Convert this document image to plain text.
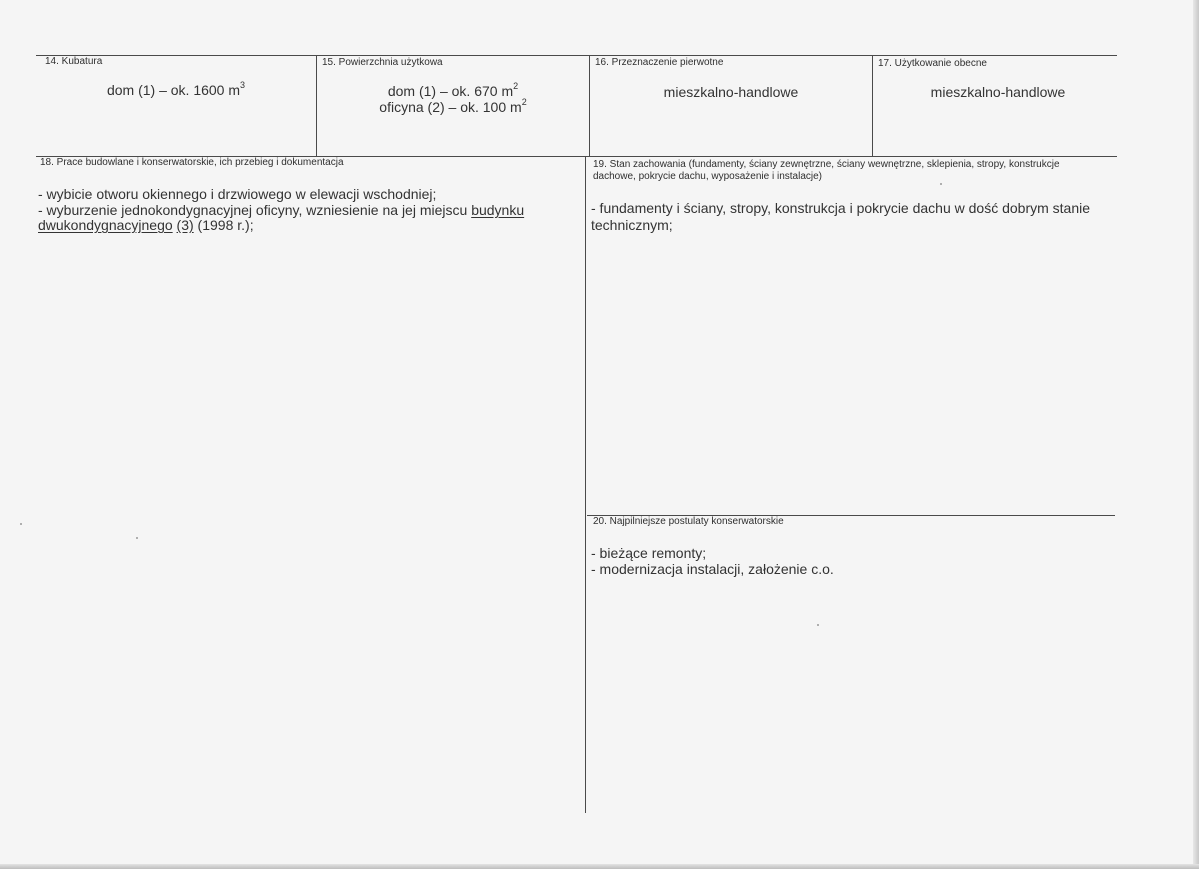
14. Kubatura
dom (1) – ok. 1600 $m^3$
15. Powierzchnia użytkowa
dom (1) – ok. 670 $m^2$
oficyna (2) – ok. 100 $m^2$
16. Przeznaczenie pierwotne
mieszkalno-handlowe
17. Użytkowanie obecne
mieszkalno-handlowe
18. Prace budowlane i konserwatorskie, ich przebieg i dokumentacja
- wybicie otworu okiennego i drzwiowego w elewacji wschodniej;
- wyburzenie jednokondygnacyjnej oficyny, wzniesienie na jej miejscu budynku
dwukondygnacyjnego (3) (1998 r.);
19. Stan zachowania (fundamenty, ściany zewnętrzne, ściany wewnętrzne, sklepienia, stropy, konstrukcje dachowe, pokrycie dachu, wyposażenie i instalacje)
- fundamenty i ściany, stropy, konstrukcja i pokrycie dachu w dość dobrym stanie technicznym;
20. Najpilniejsze postulaty konserwatorskie
- bieżące remonty;
- modernizacja instalacji, założenie c.o.
